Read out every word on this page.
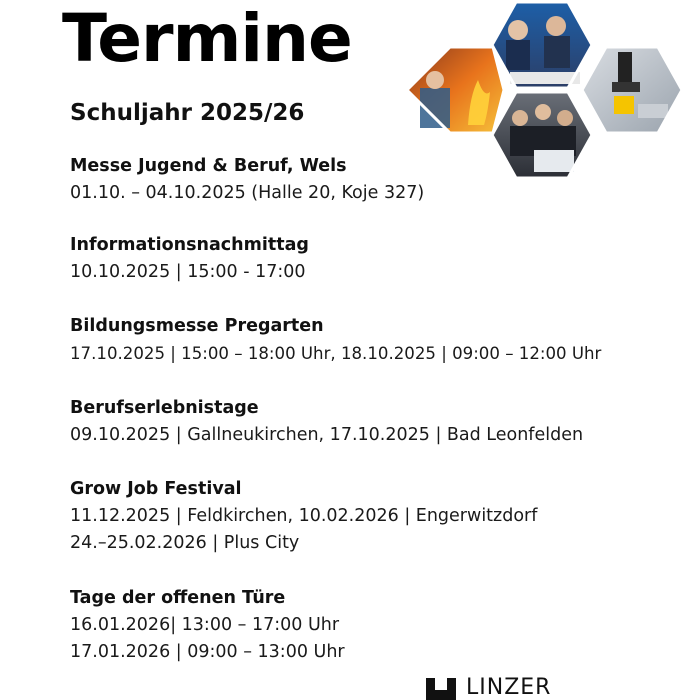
Termine
Schuljahr 2025/26
Messe Jugend & Beruf, Wels
01.10. – 04.10.2025 (Halle 20, Koje 327)
Informationsnachmittag
10.10.2025 | 15:00 - 17:00
Bildungsmesse Pregarten
17.10.2025 | 15:00 – 18:00 Uhr, 18.10.2025 | 09:00 – 12:00 Uhr
Berufserlebnistage
09.10.2025 | Gallneukirchen, 17.10.2025 | Bad Leonfelden
Grow Job Festival
11.12.2025 | Feldkirchen, 10.02.2026 | Engerwitzdorf
24.–25.02.2026 | Plus City
Tage der offenen Türe
16.01.2026| 13:00 – 17:00 Uhr
17.01.2026 | 09:00 – 13:00 Uhr
LINZER
